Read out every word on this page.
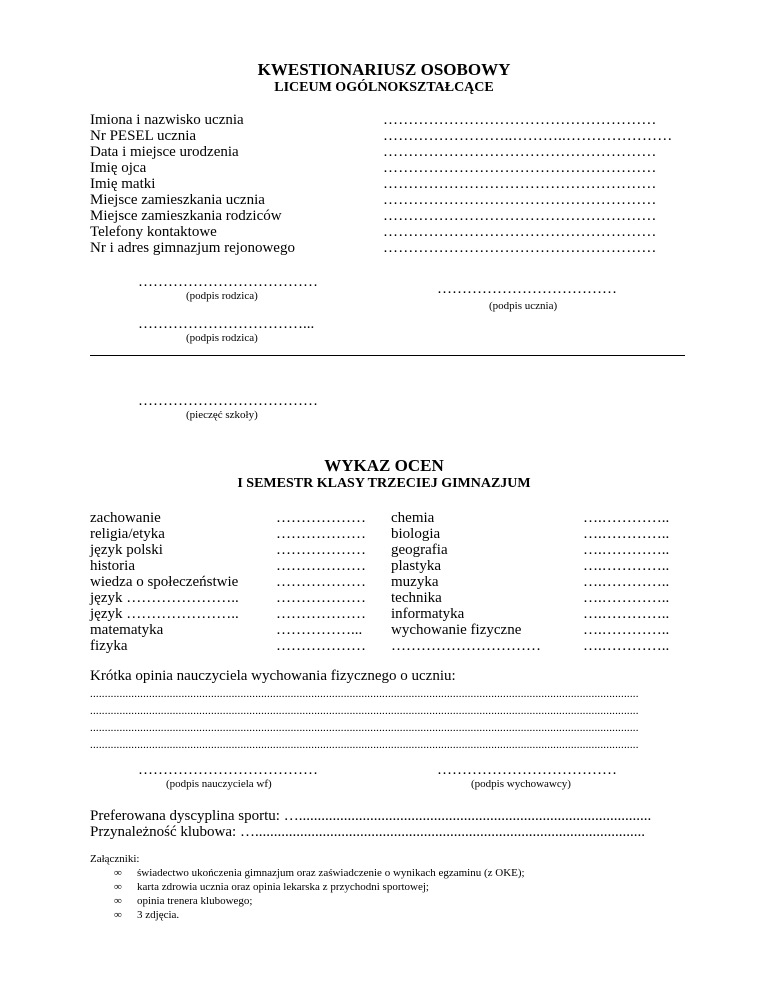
KWESTIONARIUSZ OSOBOWY
LICEUM OGÓLNOKSZTAŁCĄCE
Imiona i nazwisko ucznia
Nr PESEL ucznia
Data i miejsce urodzenia
Imię ojca
Imię matki
Miejsce zamieszkania ucznia
Miejsce zamieszkania rodziców
Telefony kontaktowe
Nr i adres gimnazjum rejonowego
………………………………………………
……………………..………..…………………
………………………………………………
………………………………………………
………………………………………………
………………………………………………
………………………………………………
………………………………………………
………………………………………………
………………………………
(podpis rodzica)	………………………………
(podpis ucznia)
……………………………...
(podpis rodzica)
………………………………
(pieczęć szkoły)
WYKAZ OCEN
I SEMESTR KLASY TRZECIEJ GIMNAZJUM
zachowanie
religia/etyka
język polski
historia
wiedza o społeczeństwie
język …………………..
język …………………..
matematyka
fizyka
………………
………………
………………
………………
………………
………………
………………
……………...
………………
chemia
biologia
geografia
plastyka
muzyka
technika
informatyka
wychowanie fizyczne
…………………………
….…………..
….…………..
….…………..
….…………..
….…………..
….…………..
….…………..
….…………..
….…………..
Krótka opinia nauczyciela wychowania fizycznego o uczniu:
..........................................................................................................................................................................................
..........................................................................................................................................................................................
..........................................................................................................................................................................................
..........................................................................................................................................................................................
………………………………
(podpis nauczyciela wf)
………………………………
(podpis wychowawcy)
Preferowana dyscyplina sportu: …..............................................................................................
Przynależność klubowa: …........................................................................................................
Załączniki:
∞ świadectwo ukończenia gimnazjum oraz zaświadczenie o wynikach egzaminu (z OKE);
∞ karta zdrowia ucznia oraz opinia lekarska z przychodni sportowej;
∞ opinia trenera klubowego;
∞ 3 zdjęcia.
